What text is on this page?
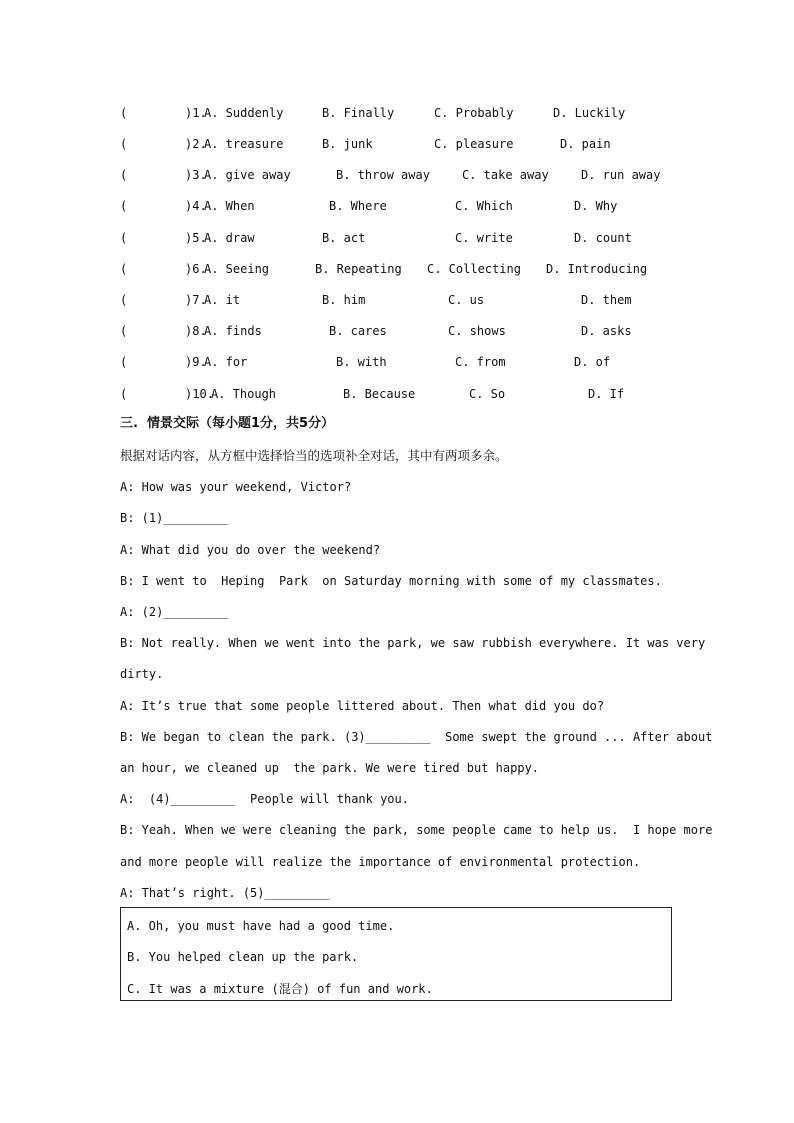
(        )1.
A. Suddenly	B. Finally	C. Probably	D. Luckily
(        )2.
A. treasure	B. junk	C. pleasure	D. pain
(        )3.
A. give away	B. throw away	C. take away	D. run away
(        )4.
A. When	B. Where	C. Which	D. Why
(        )5.
A. draw	B. act	C. write	D. count
(        )6.
A. Seeing	B. Repeating C. Collecting D. Introducing
(        )7.
A. it	B. him	C. us	D. them
(        )8.
A. finds	B. cares	C. shows	D. asks
(        )9.
A. for	B. with	C. from	D. of
(        )10.
A. Though	B. Because	C. So	D. If
三.  情景交际（每小题1分，共5分）
根据对话内容，从方框中选择恰当的选项补全对话，其中有两项多余。
A: How was your weekend, Victor?
B: (1)_________
A: What did you do over the weekend?
B: I went to  Heping  Park  on Saturday morning with some of my classmates.
A: (2)_________
B: Not really. When we went into the park, we saw rubbish everywhere. It was very
dirty.
A: It’s true that some people littered about. Then what did you do?
B: We began to clean the park. (3)_________  Some swept the ground ... After about
an hour, we cleaned up  the park. We were tired but happy.
A:  (4)_________  People will thank you.
B: Yeah. When we were cleaning the park, some people came to help us.  I hope more
and more people will realize the importance of environmental protection.
A: That’s right. (5)_________
A. Oh, you must have had a good time.
B. You helped clean up the park.
C. It was a mixture (混合) of fun and work.
